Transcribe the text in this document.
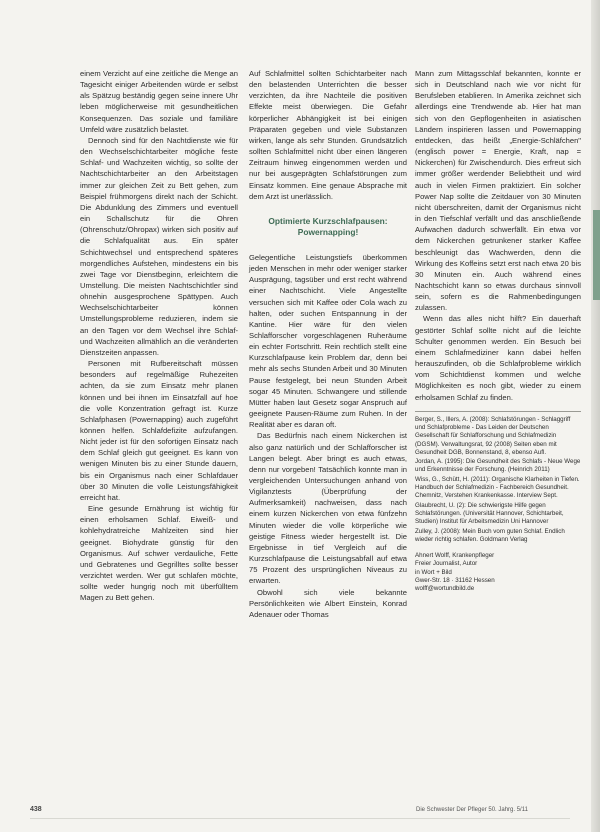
einem Verzicht auf eine zeitliche die Menge an Tagesicht einiger Arbeitenden würde er selbst als Spätzug beständig gegen seine innere Uhr leben möglicherweise mit gesundheitlichen Konsequenzen. Das soziale und familiäre Umfeld wäre zusätzlich belastet.

Dennoch sind für den Nachtdienste wie für den Wechselschichtarbeiter mögliche feste Schlaf- und Wachzeiten wichtig, so sollte der Nachtschichtarbeiter an den Arbeitstagen immer zur gleichen Zeit zu Bett gehen, zum Beispiel frühmorgens direkt nach der Schicht. Die Abdunklung des Zimmers und eventuell ein Schallschutz für die Ohren (Ohrenschutz/Ohropax) wirken sich positiv auf die Schlafqualität aus. Ein später Schichtwechsel und entsprechend späteres morgendliches Aufstehen, mindestens ein bis zwei Tage vor Dienstbeginn, erleichtern die Umstellung. Die meisten Nachtschichtler sind ohnehin ausgesprochene Spättypen. Auch Wechselschichtarbeiter können Umstellungsprobleme reduzieren, indem sie an den Tagen vor dem Wechsel ihre Schlaf- und Wachzeiten allmählich an die veränderten Dienstzeiten anpassen.

Personen mit Rufbereitschaft müssen besonders auf regelmäßige Ruhezeiten achten, da sie zum Einsatz mehr planen können und bei ihnen im Einsatzfall auf hoe die volle Konzentration gefragt ist. Kurze Schlafphasen (Powernapping) auch zugeführt können helfen. Schlafdefizite aufzufangen. Nicht jeder ist für den sofortigen Einsatz nach dem Schlaf gleich gut geeignet. Es kann von wenigen Minuten bis zu einer Stunde dauern, bis ein Organismus nach einer Schlafdauer über 30 Minuten die volle Leistungsfähigkeit erreicht hat.

Eine gesunde Ernährung ist wichtig für einen erholsamen Schlaf. Eiweiß- und kohlehydratreiche Mahlzeiten sind hier geeignet. Biohydrate günstig für den Organismus. Auf schwer verdauliche, Fette und Gebratenes und Gegrilltes sollte besser verzichtet werden. Wer gut schlafen möchte, sollte weder hungrig noch mit überfülltem Magen zu Bett gehen.

Auf Schlafmittel sollten Schichtarbeiter nach den belastenden Unterrichten die besser verzichten, da ihre Nachteile die positiven Effekte meist überwiegen. Die Gefahr körperlicher Abhängigkeit ist bei einigen Präparaten gegeben und viele Substanzen wirken, lange als sehr Stunden. Grundsätzlich sollten Schlafmittel nicht über einen längeren Zeitraum hinweg eingenommen werden und nur bei ausgeprägten Schlafstörungen zum Einsatz kommen. Eine genaue Absprache mit dem Arzt ist unerlässlich.

Optimierte Kurzschlafpausen: Powernapping!

Gelegentliche Leistungstiefs überkommen jeden Menschen in mehr oder weniger starker Ausprägung, tagsüber und erst recht während einer Nachtschicht. Viele Angestellte versuchen sich mit Kaffee oder Cola wach zu halten, oder suchen Entspannung in der Kantine. Hier wäre für den vielen Schlafforscher vorgeschlagenen Ruheräume ein echter Fortschritt. Rein rechtlich stellt eine Kurzschlafpause kein Problem dar, denn bei mehr als sechs Stunden Arbeit und 30 Minuten Pause festgelegt, bei neun Stunden Arbeit sogar 45 Minuten. Schwangere und stillende Mütter haben laut Gesetz sogar Anspruch auf geeignete Pausen-Räume zum Ruhen. In der Realität aber es daran oft.

Das Bedürfnis nach einem Nickerchen ist also ganz natürlich und der Schlafforscher ist Langen belegt. Aber bringt es auch etwas, denn nur vorgeben! Tatsächlich konnte man in vergleichenden Untersuchungen anhand von Vigilanztests (Überprüfung der Aufmerksamkeit) nachweisen, dass nach einem kurzen Nickerchen von etwa fünfzehn Minuten wieder die volle körperliche wie geistige Fitness wieder hergestellt ist. Die Ergebnisse in tief Vergleich auf die Kurzschlafpause die Leistungsabfall auf etwa 75 Prozent des ursprünglichen Niveaus zu erwarten.

Obwohl sich viele bekannte Persönlichkeiten wie Albert Einstein, Konrad Adenauer oder Thomas

Mann zum Mittagsschlaf bekannten, konnte er sich in Deutschland nach wie vor nicht für Berufsleben etablieren. In Amerika zeichnet sich allerdings eine Trendwende ab. Hier hat man sich von den Gepflogenheiten in asiatischen Ländern inspirieren lassen und Powernapping entdecken, das heißt „Energie-Schläfchen" (englisch power = Energie, Kraft, nap = Nickerchen) für Zwischendurch. Dies erfreut sich immer größer werdender Beliebtheit und wird auch in vielen Firmen praktiziert. Ein solcher Power Nap sollte die Zeitdauer von 30 Minuten nicht überschreiten, damit der Organismus nicht in den Tiefschlaf verfällt und das anschließende Aufwachen dadurch schwerfällt. Ein etwa vor dem Nickerchen getrunkener starker Kaffee beschleunigt das Wachwerden, denn die Wirkung des Koffeins setzt erst nach etwa 20 bis 30 Minuten ein. Auch während eines Nachtschicht kann so etwas durchaus sinnvoll sein, sofern es die Rahmenbedingungen zulassen.

Wenn das alles nicht hilft? Ein dauerhaft gestörter Schlaf sollte nicht auf die leichte Schulter genommen werden. Ein Besuch bei einem Schlafmediziner kann dabei helfen herauszufinden, ob die Schlafprobleme wirklich vom Schichtdienst kommen und welche Möglichkeiten es noch gibt, wieder zu einem erholsamen Schlaf zu finden.

Berger, S., Illers, A. (2008): Schlafstörungen - Schlaggriff und Schlafprobleme - Das Leiden der Deutschen Gesellschaft für Schlafforschung und Schlafmedizin (DGSM). Verwaltungsrat, 92 (2008) Seiten eben mit Gesundheit DGB, Bonnenstand, 8, ebenso Aufl.
Jordan, A. (1995): Die Gesundheit des Schlafs - Neue Wege und Erkenntnisse der Forschung. (Heinrich 2011)
Wiss, G., Schütt, H. (2011): Organische Klarheiten in Tiefen. Handbuch der Schlafmedizin - Fachbereich Gesundheit. Chemnitz, Verstehen Krankenkasse. Interview Sept.
Glaubrecht, U. (2): Die schwierigste Hilfe gegen Schlafstörungen. (Universität Hannover, Schichtarbeit, Studien) Institut für Arbeitsmedizin Uni Hannover
Zulley, J. (2008): Mein Buch vom guten Schlaf. Endlich wieder richtig schlafen. Goldmann Verlag
Ahnert Wolff, Krankenpfleger
Freier Journalist, Autor
in Wort + Bild
Gwer-Str. 18 · 31162 Hessen
wolff@wortundbild.de
438	Die Schwester Der Pfleger 50. Jahrg. 5/11
